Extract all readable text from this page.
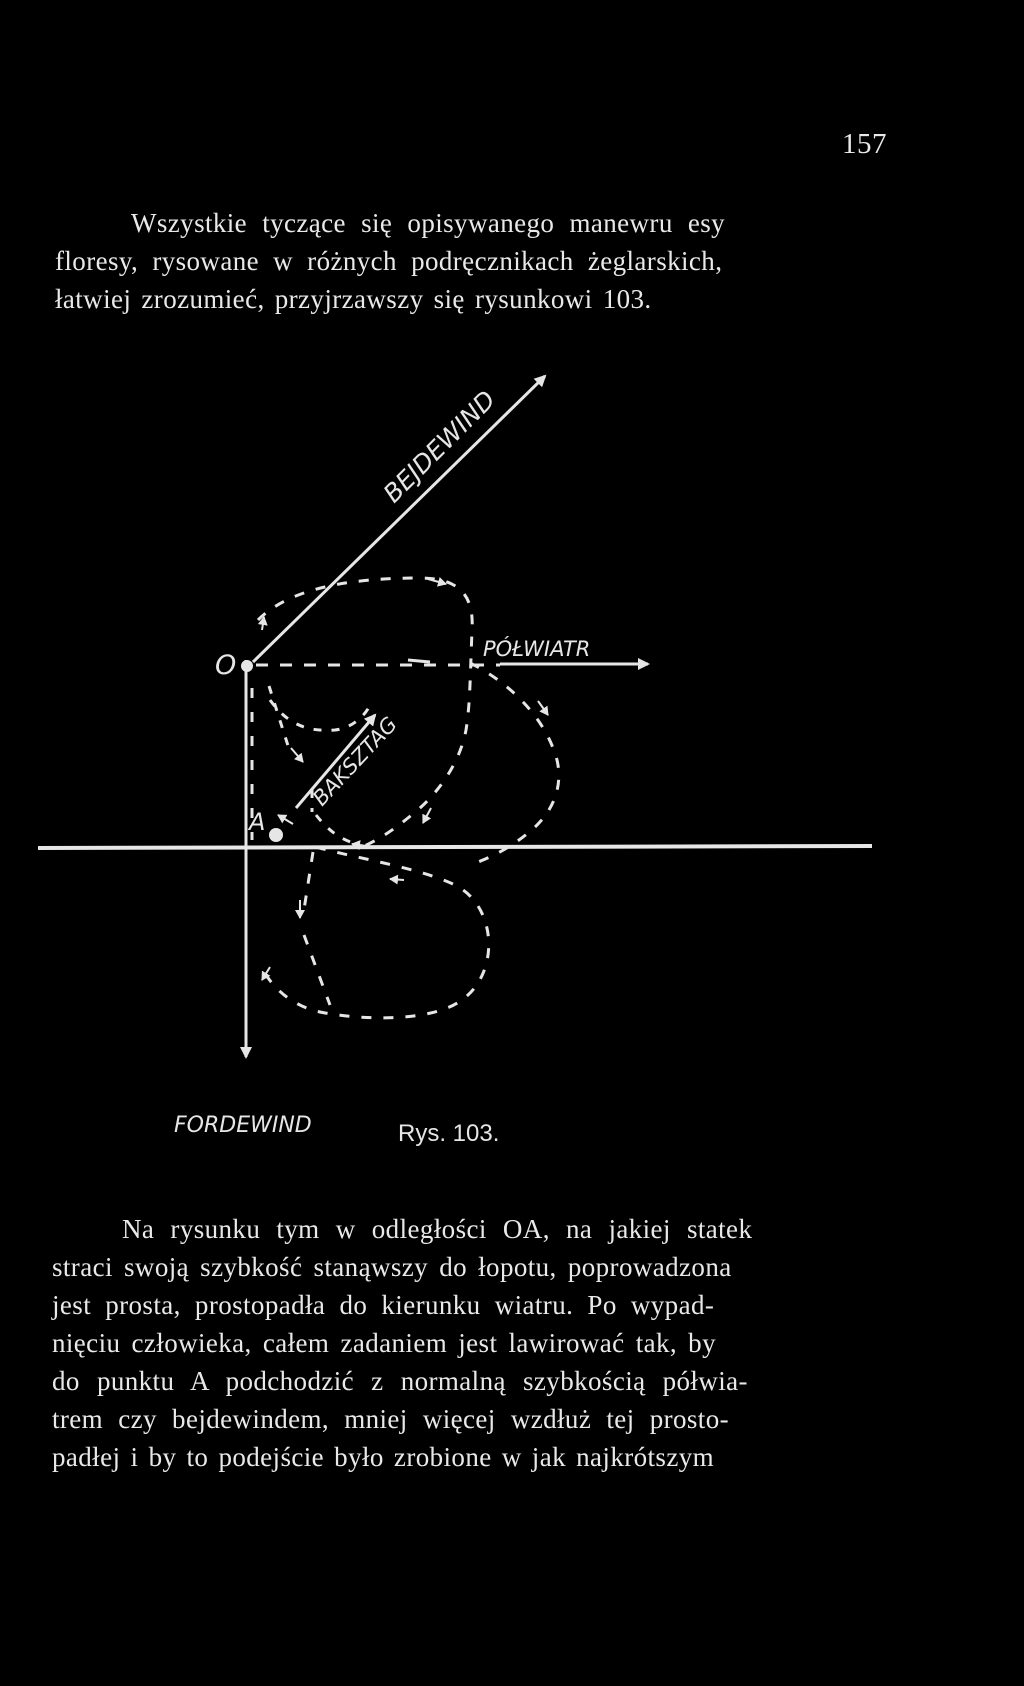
157

Wszystkie tyczące się opisywanego manewru esy
floresy, rysowane w różnych podręcznikach żeglarskich,
łatwiej zrozumieć, przyjrzawszy się rysunkowi 103.

O
A
BEJDEWIND
PÓŁWIATR
BAKSZTAG
FORDEWIND	Rys. 103.

Na rysunku tym w odległości OA, na jakiej statek
straci swoją szybkość stanąwszy do łopotu, poprowadzona
jest prosta, prostopadła do kierunku wiatru. Po wypad-
nięciu człowieka, całem zadaniem jest lawirować tak, by
do punktu A podchodzić z normalną szybkością półwia-
trem czy bejdewindem, mniej więcej wzdłuż tej prosto-
padłej i by to podejście było zrobione w jak najkrótszym
